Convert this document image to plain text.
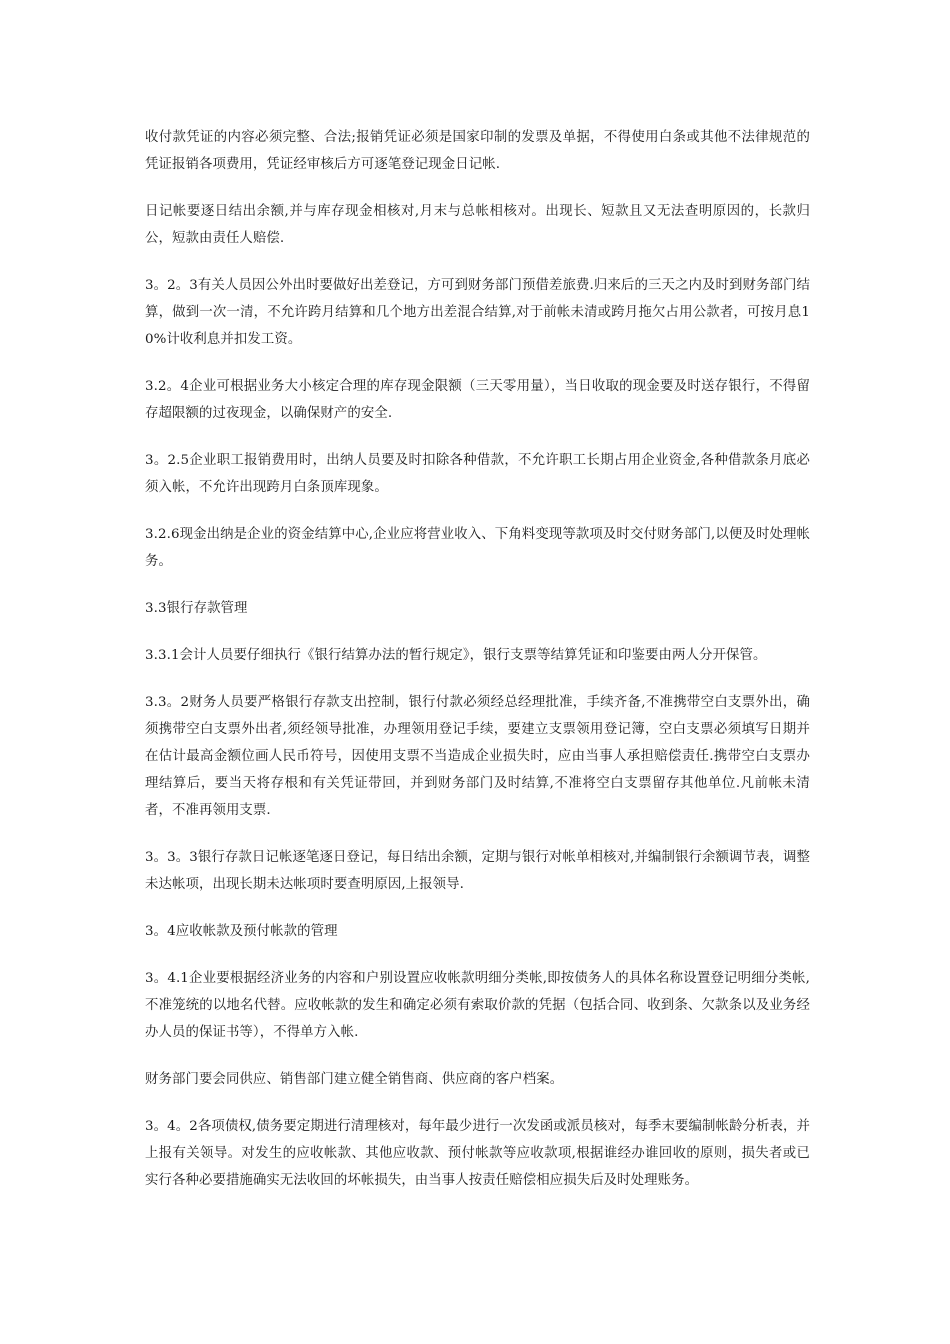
收付款凭证的内容必须完整、合法;报销凭证必须是国家印制的发票及单据，不得使用白条或其他不法律规范的凭证报销各项费用，凭证经审核后方可逐笔登记现金日记帐.

日记帐要逐日结出余额,并与库存现金相核对,月末与总帐相核对。出现长、短款且又无法查明原因的，长款归公，短款由责任人赔偿.

3。2。3有关人员因公外出时要做好出差登记，方可到财务部门预借差旅费.归来后的三天之内及时到财务部门结算，做到一次一清，不允许跨月结算和几个地方出差混合结算,对于前帐未清或跨月拖欠占用公款者，可按月息10%计收利息并扣发工资。

3.2。4企业可根据业务大小核定合理的库存现金限额（三天零用量），当日收取的现金要及时送存银行，不得留存超限额的过夜现金，以确保财产的安全.

3。2.5企业职工报销费用时，出纳人员要及时扣除各种借款，不允许职工长期占用企业资金,各种借款条月底必须入帐，不允许出现跨月白条顶库现象。

3.2.6现金出纳是企业的资金结算中心,企业应将营业收入、下角料变现等款项及时交付财务部门,以便及时处理帐务。

3.3银行存款管理

3.3.1会计人员要仔细执行《银行结算办法的暂行规定》，银行支票等结算凭证和印鉴要由两人分开保管。

3.3。2财务人员要严格银行存款支出控制，银行付款必须经总经理批准，手续齐备,不准携带空白支票外出，确须携带空白支票外出者,须经领导批准，办理领用登记手续，要建立支票领用登记簿，空白支票必须填写日期并在估计最高金额位画人民币符号，因使用支票不当造成企业损失时，应由当事人承担赔偿责任.携带空白支票办理结算后，要当天将存根和有关凭证带回，并到财务部门及时结算,不准将空白支票留存其他单位.凡前帐未清者，不准再领用支票.

3。3。3银行存款日记帐逐笔逐日登记，每日结出余额，定期与银行对帐单相核对,并编制银行余额调节表，调整未达帐项，出现长期未达帐项时要查明原因,上报领导.

3。4应收帐款及预付帐款的管理

3。4.1企业要根据经济业务的内容和户别设置应收帐款明细分类帐,即按债务人的具体名称设置登记明细分类帐,不准笼统的以地名代替。应收帐款的发生和确定必须有索取价款的凭据（包括合同、收到条、欠款条以及业务经办人员的保证书等），不得单方入帐.

财务部门要会同供应、销售部门建立健全销售商、供应商的客户档案。

3。4。2各项债权,债务要定期进行清理核对，每年最少进行一次发函或派员核对，每季末要编制帐龄分析表，并上报有关领导。对发生的应收帐款、其他应收款、预付帐款等应收款项,根据谁经办谁回收的原则，损失者或已实行各种必要措施确实无法收回的坏帐损失，由当事人按责任赔偿相应损失后及时处理账务。
